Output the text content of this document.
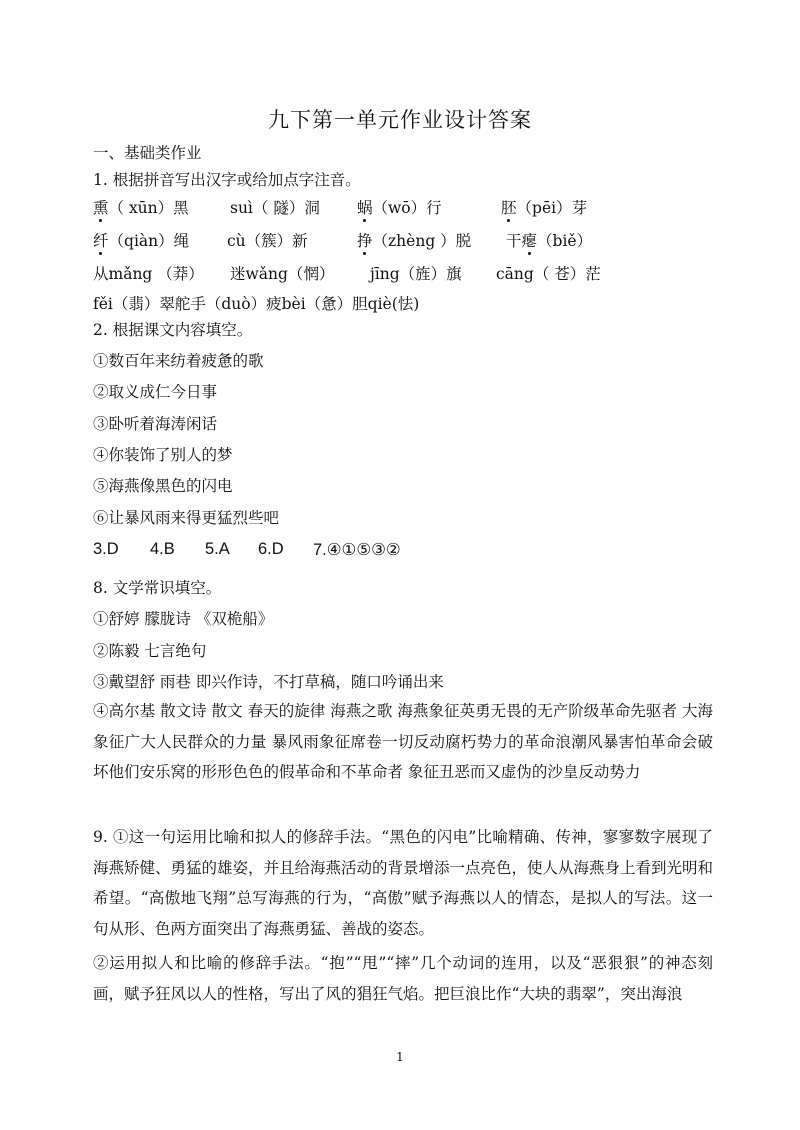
九下第一单元作业设计答案
一、基础类作业
1. 根据拼音写出汉字或给加点字注音。
熏（ xūn）黑	suì（ 隧）洞 蜗（wō）行	胚（pēi）芽
纤（qiàn）绳 cù（簇）新	挣（zhèng ）脱 干瘪（biě）
从mǎng （莽） 迷wǎng（惘） jīng（旌）旗 cāng（ 苍）茫
fěi（翡）翠舵手（duò）疲bèi（惫）胆qiè(怯)
2. 根据课文内容填空。
①数百年来纺着疲惫的歌
②取义成仁今日事
③卧听着海涛闲话
④你装饰了别人的梦
⑤海燕像黑色的闪电
⑥让暴风雨来得更猛烈些吧
3.D 4.B 5.A 6.D 7.④①⑤③②
8. 文学常识填空。
①舒婷 朦胧诗 《双桅船》
②陈毅 七言绝句
③戴望舒 雨巷 即兴作诗，不打草稿，随口吟诵出来
④高尔基 散文诗 散文 春天的旋律 海燕之歌 海燕象征英勇无畏的无产阶级革命先驱者 大海象征广大人民群众的力量 暴风雨象征席卷一切反动腐朽势力的革命浪潮风暴害怕革命会破坏他们安乐窝的形形色色的假革命和不革命者 象征丑恶而又虚伪的沙皇反动势力
9. ①这一句运用比喻和拟人的修辞手法。“黑色的闪电”比喻精确、传神，寥寥数字展现了海燕矫健、勇猛的雄姿，并且给海燕活动的背景增添一点亮色，使人从海燕身上看到光明和希望。“高傲地飞翔”总写海燕的行为，“高傲”赋予海燕以人的情态，是拟人的写法。这一句从形、色两方面突出了海燕勇猛、善战的姿态。
②运用拟人和比喻的修辞手法。“抱”“甩”“摔”几个动词的连用，以及“恶狠狠”的神态刻画，赋予狂风以人的性格，写出了风的猖狂气焰。把巨浪比作“大块的翡翠”，突出海浪
1
